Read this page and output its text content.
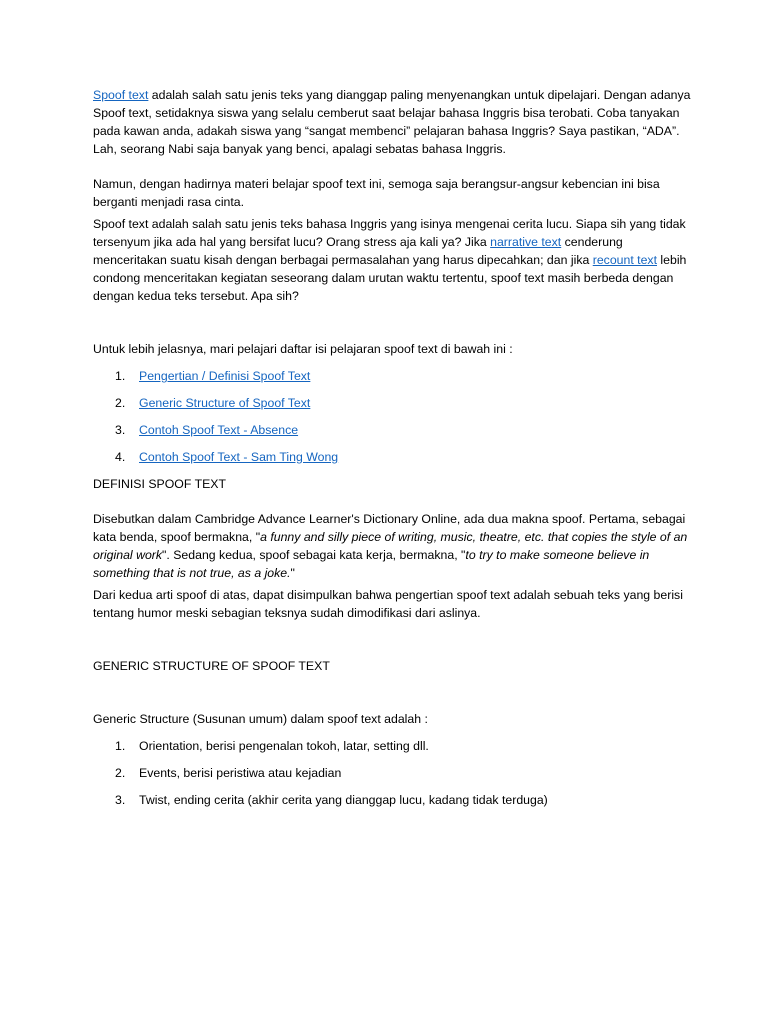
Spoof text adalah salah satu jenis teks yang dianggap paling menyenangkan untuk dipelajari. Dengan adanya Spoof text, setidaknya siswa yang selalu cemberut saat belajar bahasa Inggris bisa terobati. Coba tanyakan pada kawan anda, adakah siswa yang “sangat membenci” pelajaran bahasa Inggris? Saya pastikan, “ADA”. Lah, seorang Nabi saja banyak yang benci, apalagi sebatas bahasa Inggris.

Namun, dengan hadirnya materi belajar spoof text ini, semoga saja berangsur-angsur kebencian ini bisa berganti menjadi rasa cinta.

Spoof text adalah salah satu jenis teks bahasa Inggris yang isinya mengenai cerita lucu. Siapa sih yang tidak tersenyum jika ada hal yang bersifat lucu? Orang stress aja kali ya? Jika narrative text cenderung menceritakan suatu kisah dengan berbagai permasalahan yang harus dipecahkan; dan jika recount text lebih condong menceritakan kegiatan seseorang dalam urutan waktu tertentu, spoof text masih berbeda dengan dengan kedua teks tersebut. Apa sih?

Untuk lebih jelasnya, mari pelajari daftar isi pelajaran spoof text di bawah ini :

1. Pengertian / Definisi Spoof Text
2. Generic Structure of Spoof Text
3. Contoh Spoof Text - Absence
4. Contoh Spoof Text - Sam Ting Wong

DEFINISI SPOOF TEXT

Disebutkan dalam Cambridge Advance Learner's Dictionary Online, ada dua makna spoof. Pertama, sebagai kata benda, spoof bermakna, "a funny and silly piece of writing, music, theatre, etc. that copies the style of an original work". Sedang kedua, spoof sebagai kata kerja, bermakna, "to try to make someone believe in something that is not true, as a joke."

Dari kedua arti spoof di atas, dapat disimpulkan bahwa pengertian spoof text adalah sebuah teks yang berisi tentang humor meski sebagian teksnya sudah dimodifikasi dari aslinya.

GENERIC STRUCTURE OF SPOOF TEXT

Generic Structure (Susunan umum) dalam spoof text adalah :

1. Orientation, berisi pengenalan tokoh, latar, setting dll.
2. Events, berisi peristiwa atau kejadian
3. Twist, ending cerita (akhir cerita yang dianggap lucu, kadang tidak terduga)
